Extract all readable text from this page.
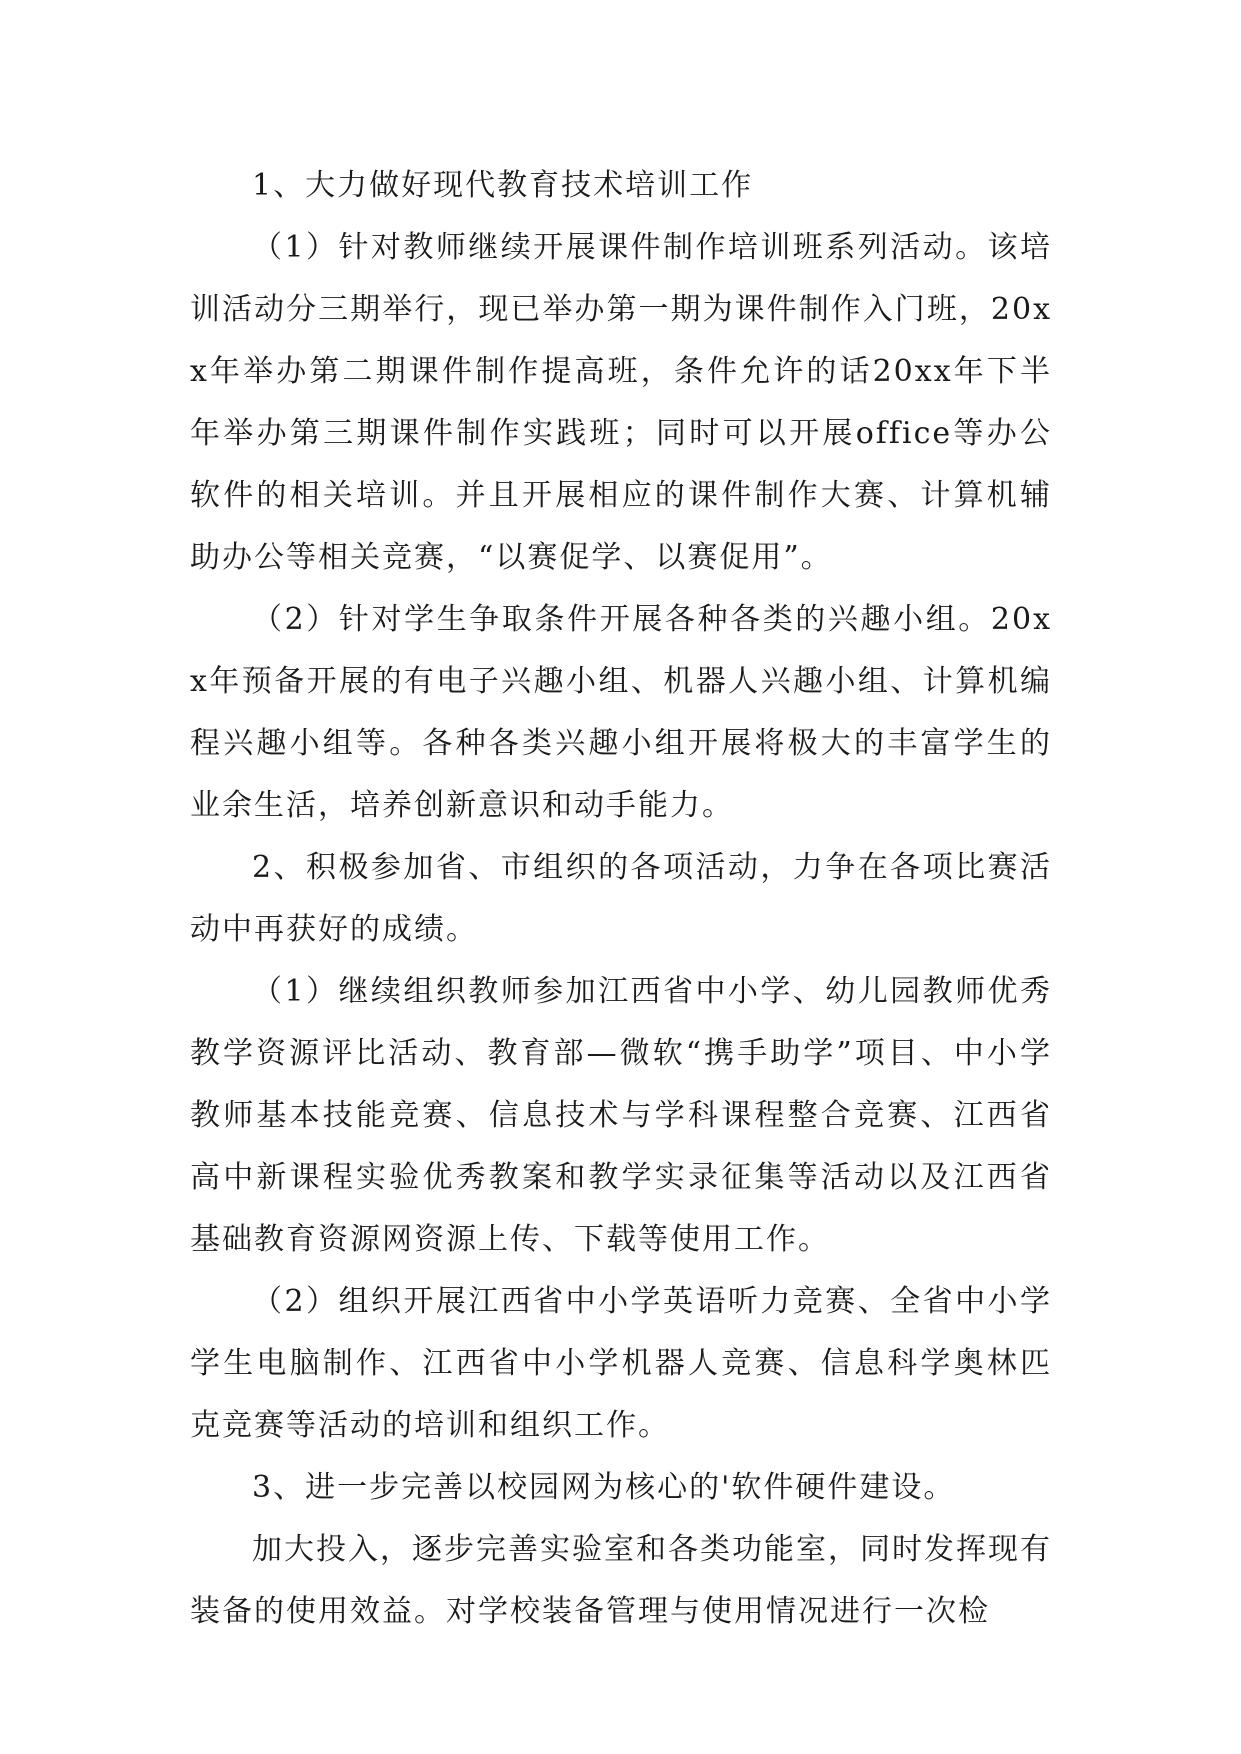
1、大力做好现代教育技术培训工作

（1）针对教师继续开展课件制作培训班系列活动。该培训活动分三期举行，现已举办第一期为课件制作入门班，20xx年举办第二期课件制作提高班，条件允许的话20xx年下半年举办第三期课件制作实践班；同时可以开展office等办公软件的相关培训。并且开展相应的课件制作大赛、计算机辅助办公等相关竞赛，“以赛促学、以赛促用”。

（2）针对学生争取条件开展各种各类的兴趣小组。20xx年预备开展的有电子兴趣小组、机器人兴趣小组、计算机编程兴趣小组等。各种各类兴趣小组开展将极大的丰富学生的业余生活，培养创新意识和动手能力。

2、积极参加省、市组织的各项活动，力争在各项比赛活动中再获好的成绩。

（1）继续组织教师参加江西省中小学、幼儿园教师优秀教学资源评比活动、教育部—微软“携手助学”项目、中小学教师基本技能竞赛、信息技术与学科课程整合竞赛、江西省高中新课程实验优秀教案和教学实录征集等活动以及江西省基础教育资源网资源上传、下载等使用工作。

（2）组织开展江西省中小学英语听力竞赛、全省中小学学生电脑制作、江西省中小学机器人竞赛、信息科学奥林匹克竞赛等活动的培训和组织工作。

3、进一步完善以校园网为核心的'软件硬件建设。

加大投入，逐步完善实验室和各类功能室，同时发挥现有装备的使用效益。对学校装备管理与使用情况进行一次检
